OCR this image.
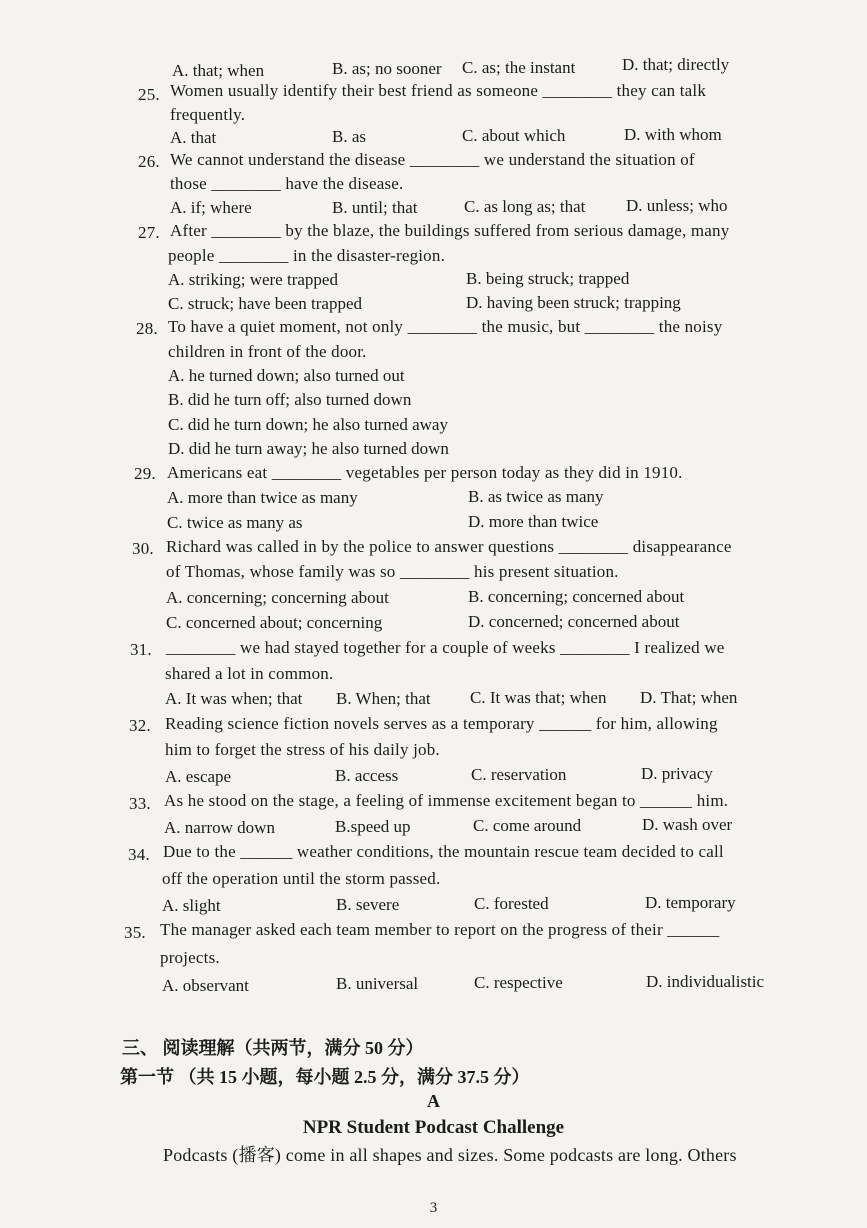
A. that; when	B. as; no sooner C. as; the instant	D. that; directly
25. Women usually identify their best friend as someone ________ they can talk
frequently.
A. that	B. as	C. about which	D. with whom
26. We cannot understand the disease ________ we understand the situation of
those ________ have the disease.
A. if; where	B. until; that	C. as long as; that D. unless; who
27. After ________ by the blaze, the buildings suffered from serious damage, many
people ________ in the disaster-region.
A. striking; were trapped	B. being struck; trapped
C. struck; have been trapped	D. having been struck; trapping
28. To have a quiet moment, not only ________ the music, but ________ the noisy
children in front of the door.
A. he turned down; also turned out
B. did he turn off; also turned down
C. did he turn down; he also turned away
D. did he turn away; he also turned down
29. Americans eat ________ vegetables per person today as they did in 1910.
A. more than twice as many	B. as twice as many
C. twice as many as	D. more than twice
30. Richard was called in by the police to answer questions ________ disappearance
of Thomas, whose family was so ________ his present situation.
A. concerning; concerning about	B. concerning; concerned about
C. concerned about; concerning	D. concerned; concerned about
31. ________ we had stayed together for a couple of weeks ________ I realized we
shared a lot in common.
A. It was when; that B. When; that C. It was that; when D. That; when
32. Reading science fiction novels serves as a temporary ______ for him, allowing
him to forget the stress of his daily job.
A. escape	B. access	C. reservation	D. privacy
33. As he stood on the stage, a feeling of immense excitement began to ______ him.
A. narrow down	B.speed up	C. come around	D. wash over
34. Due to the ______ weather conditions, the mountain rescue team decided to call
off the operation until the storm passed.
A. slight	B. severe	C. forested	D. temporary
35. The manager asked each team member to report on the progress of their ______
projects.
A. observant	B. universal	C. respective	D. individualistic
三、 阅读理解（共两节，满分 50 分）
第一节 （共 15 小题，每小题 2.5 分，满分 37.5 分）
A
NPR Student Podcast Challenge
Podcasts (播客) come in all shapes and sizes. Some podcasts are long. Others
3
